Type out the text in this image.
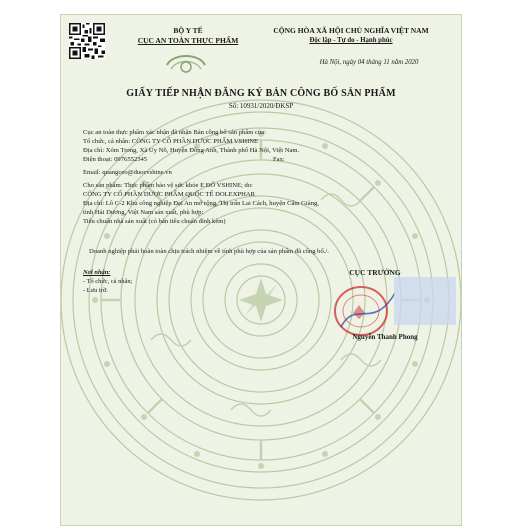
BỘ Y TẾ
CỤC AN TOÀN THỰC PHẨM
CỘNG HÒA XÃ HỘI CHỦ NGHĨA VIỆT NAM
Độc lập - Tự do - Hạnh phúc
Hà Nội, ngày 04 tháng 11 năm 2020
GIẤY TIẾP NHẬN ĐĂNG KÝ BẢN CÔNG BỐ SẢN PHẨM
Số: 10931/2020/ĐKSP

Cục an toàn thực phẩm xác nhận đã nhận Bản công bố sản phẩm của:

Tổ chức, cá nhân: CÔNG TY CỔ PHẦN DƯỢC PHẨM VSHINE

Địa chỉ: Xóm Trong, Xã Uy Nỗ, Huyện Đông Anh, Thành phố Hà Nội, Việt Nam.

Điện thoại: 0976552345	Fax:

Email: quangceo@duocvshine.vn

Cho sản phẩm: Thực phẩm bảo vệ sức khỏe E ĐÔ VSHINE; do:

CÔNG TY CỔ PHẦN DƯỢC PHẨM QUỐC TẾ DOLEXPHAR

Địa chỉ: Lô C-2 Khu công nghiệp Đại An mở rộng, Thị trấn Lai Cách, huyện Cẩm Giàng,

tỉnh Hải Dương, Việt Nam sản xuất, phù hợp:

Tiêu chuẩn nhà sản xuất (có bản tiêu chuẩn đính kèm)

Doanh nghiệp phải hoàn toàn chịu trách nhiệm về tính phù hợp của sản phẩm đã công bố./.
Nơi nhận:
- Tổ chức, cá nhân;
- Lưu trữ.
CỤC TRƯỞNG
Nguyễn Thanh Phong
